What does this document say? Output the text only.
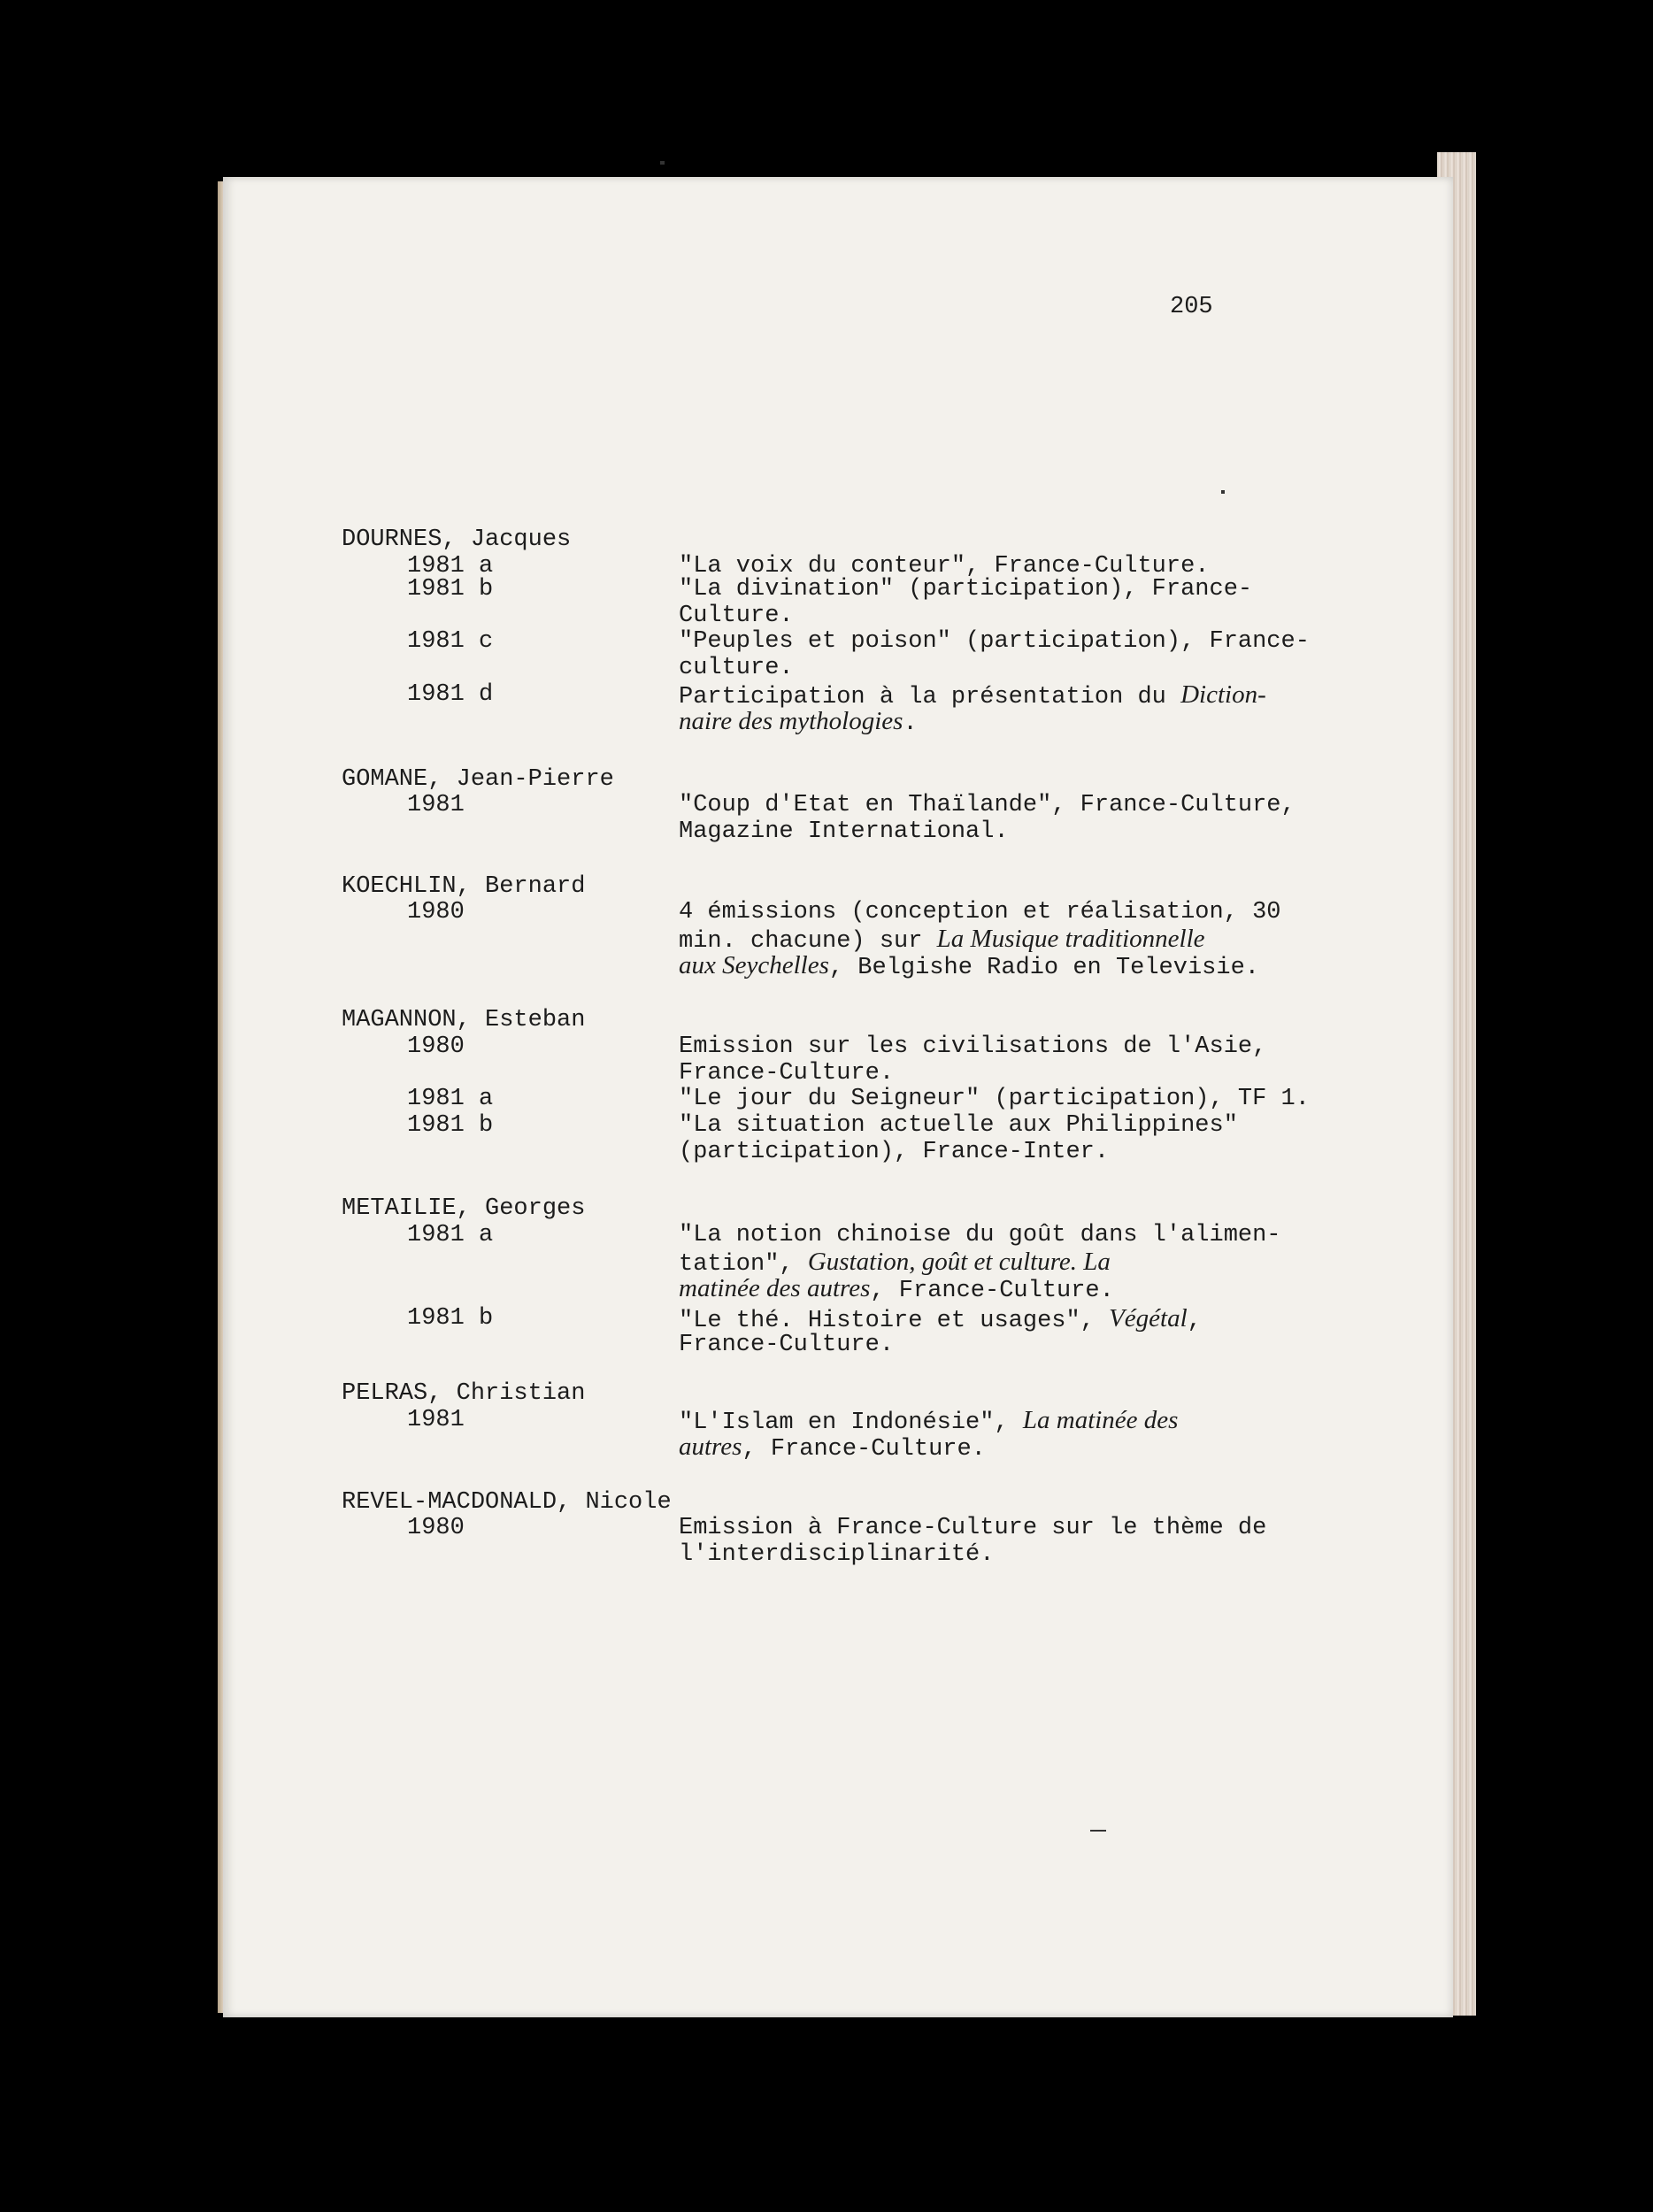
205
DOURNES, Jacques
1981 a	"La voix du conteur", France-Culture.
1981 b	"La divination" (participation), France-
Culture.
1981 c	"Peuples et poison" (participation), France-
culture.
1981 d	Participation à la présentation du Diction-
naire des mythologies.
GOMANE, Jean-Pierre
1981	"Coup d'Etat en Thaïlande", France-Culture,
Magazine International.
KOECHLIN, Bernard
1980	4 émissions (conception et réalisation, 30
min. chacune) sur La Musique traditionnelle
aux Seychelles, Belgishe Radio en Televisie.
MAGANNON, Esteban
1980	Emission sur les civilisations de l'Asie,
France-Culture.
1981 a	"Le jour du Seigneur" (participation), TF 1.
1981 b	"La situation actuelle aux Philippines"
(participation), France-Inter.
METAILIE, Georges
1981 a	"La notion chinoise du goût dans l'alimen-
tation", Gustation, goût et culture. La
matinée des autres, France-Culture.
1981 b	"Le thé. Histoire et usages", Végétal,
France-Culture.
PELRAS, Christian
1981	"L'Islam en Indonésie", La matinée des
autres, France-Culture.
REVEL-MACDONALD, Nicole
1980	Emission à France-Culture sur le thème de
l'interdisciplinarité.
